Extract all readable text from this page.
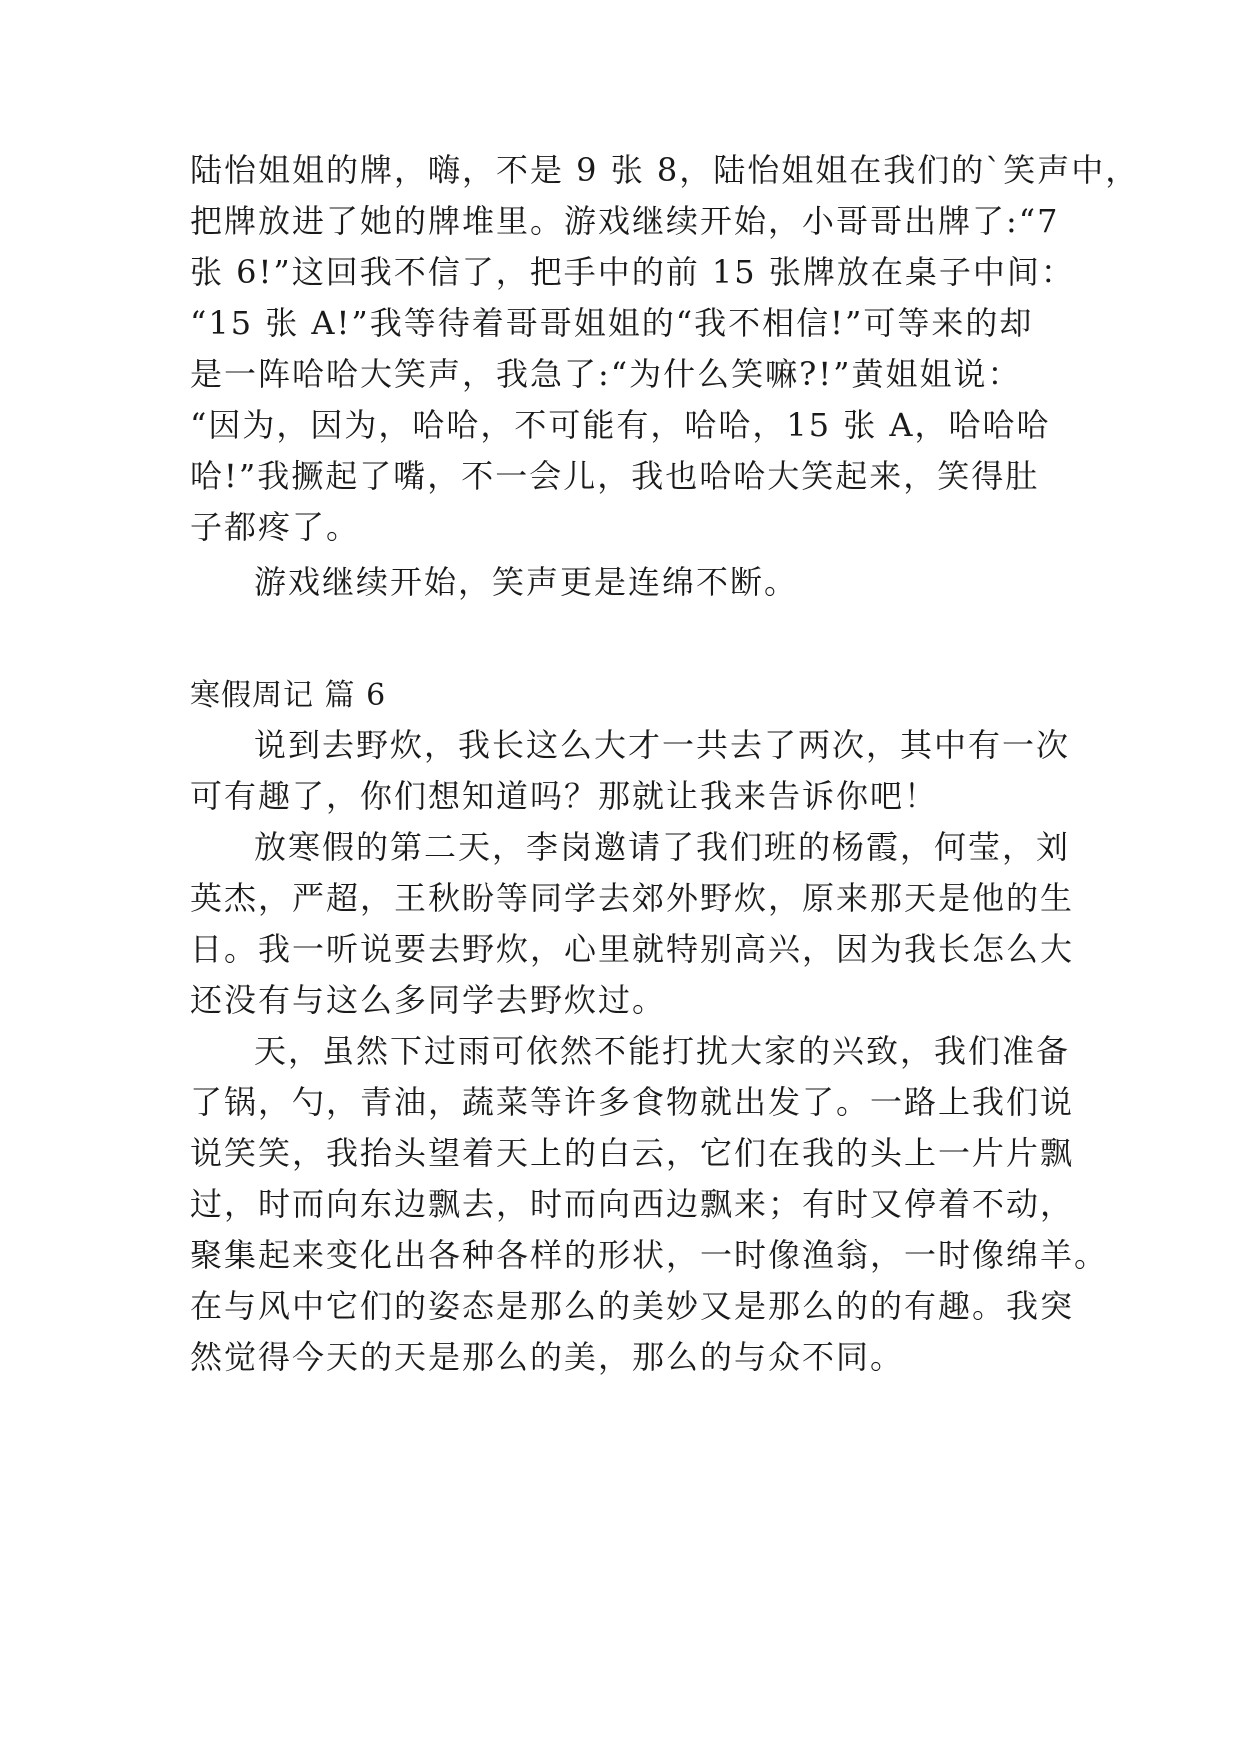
陆怡姐姐的牌，嗨，不是 9 张 8，陆怡姐姐在我们的`笑声中，

把牌放进了她的牌堆里。游戏继续开始，小哥哥出牌了:“7

张 6!”这回我不信了，把手中的前 15 张牌放在桌子中间：

“15 张 A!”我等待着哥哥姐姐的“我不相信!”可等来的却

是一阵哈哈大笑声，我急了:“为什么笑嘛?!”黄姐姐说：

“因为，因为，哈哈，不可能有，哈哈，15 张 A，哈哈哈

哈!”我撅起了嘴，不一会儿，我也哈哈大笑起来，笑得肚

子都疼了。

游戏继续开始，笑声更是连绵不断。

寒假周记 篇 6

说到去野炊，我长这么大才一共去了两次，其中有一次

可有趣了，你们想知道吗？那就让我来告诉你吧！

放寒假的第二天，李岗邀请了我们班的杨霞，何莹，刘

英杰，严超，王秋盼等同学去郊外野炊，原来那天是他的生

日。我一听说要去野炊，心里就特别高兴，因为我长怎么大

还没有与这么多同学去野炊过。

天，虽然下过雨可依然不能打扰大家的兴致，我们准备

了锅，勺，青油，蔬菜等许多食物就出发了。一路上我们说

说笑笑，我抬头望着天上的白云，它们在我的头上一片片飘

过，时而向东边飘去，时而向西边飘来；有时又停着不动，

聚集起来变化出各种各样的形状，一时像渔翁，一时像绵羊。

在与风中它们的姿态是那么的美妙又是那么的的有趣。我突

然觉得今天的天是那么的美，那么的与众不同。
